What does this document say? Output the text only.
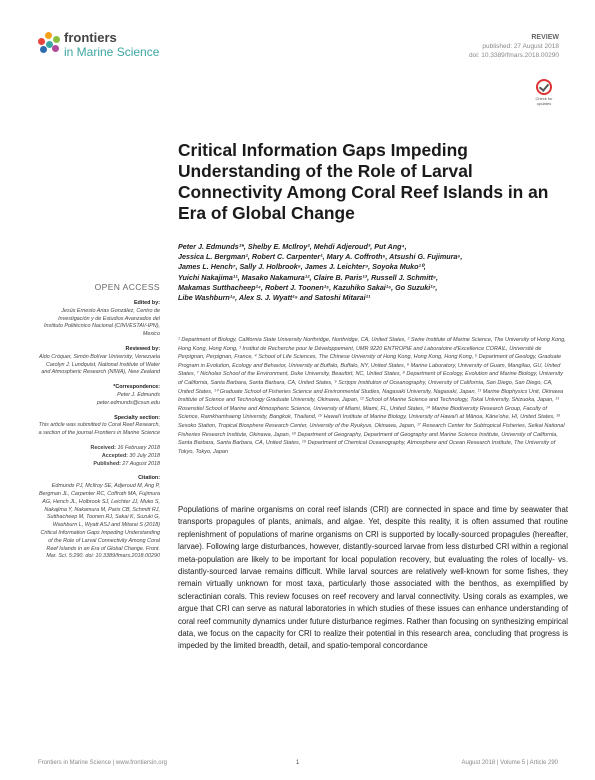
frontiers
in Marine Science
REVIEW
published: 27 August 2018
doi: 10.3389/fmars.2018.00290
Check for updates
Critical Information Gaps Impeding Understanding of the Role of Larval Connectivity Among Coral Reef Islands in an Era of Global Change
Peter J. Edmunds¹*, Shelby E. McIlroy², Mehdi Adjeroud³, Put Ang⁴,
Jessica L. Bergman¹, Robert C. Carpenter¹, Mary A. Coffroth⁵, Atsushi G. Fujimura⁶,
James L. Hench⁷, Sally J. Holbrook⁸, James J. Leichter⁹, Soyoka Muko¹⁰,
Yuichi Nakajima¹¹, Masako Nakamura¹², Claire B. Paris¹³, Russell J. Schmitt⁸,
Makamas Sutthacheep¹⁴, Robert J. Toonen¹⁵, Kazuhiko Sakai¹⁶, Go Suzuki¹⁷,
Libe Washburn¹⁸, Alex S. J. Wyatt¹⁹ and Satoshi Mitarai¹¹
¹ Department of Biology, California State University Northridge, Northridge, CA, United States, ² Swire Institute of Marine Science, The University of Hong Kong, Hong Kong, Hong Kong, ³ Institut de Recherche pour le Développement, UMR 9220 ENTROPIE and Laboratoire d'Excellence CORAIL, Université de Perpignan, Perpignan, France, ⁴ School of Life Sciences, The Chinese University of Hong Kong, Hong Kong, Hong Kong, ⁵ Department of Geology, Graduate Program in Evolution, Ecology and Behavior, University at Buffalo, Buffalo, NY, United States, ⁶ Marine Laboratory, University of Guam, Mangilao, GU, United States, ⁷ Nicholas School of the Environment, Duke University, Beaufort, NC, United States, ⁸ Department of Ecology, Evolution and Marine Biology, University of California, Santa Barbara, Santa Barbara, CA, United States, ⁹ Scripps Institution of Oceanography, University of California, San Diego, San Diego, CA, United States, ¹⁰ Graduate School of Fisheries Science and Environmental Studies, Nagasaki University, Nagasaki, Japan, ¹¹ Marine Biophysics Unit, Okinawa Institute of Science and Technology Graduate University, Okinawa, Japan, ¹² School of Marine Science and Technology, Tokai University, Shizuoka, Japan, ¹³ Rosenstiel School of Marine and Atmospheric Science, University of Miami, Miami, FL, United States, ¹⁴ Marine Biodiversity Research Group, Faculty of Science, Ramkhamhaeng University, Bangkok, Thailand, ¹⁵ Hawai'i Institute of Marine Biology, University of Hawai'i at Mānoa, Kāne'ohe, HI, United States, ¹⁶ Sesoko Station, Tropical Biosphere Research Center, University of the Ryukyus, Okinawa, Japan, ¹⁷ Research Center for Subtropical Fisheries, Seikai National Fisheries Research Institute, Okinawa, Japan, ¹⁸ Department of Geography, Department of Geography and Marine Science Institute, University of California, Santa Barbara, Santa Barbara, CA, United States, ¹⁹ Department of Chemical Oceanography, Atmosphere and Ocean Research Institute, The University of Tokyo, Tokyo, Japan
OPEN ACCESS
Edited by:
Jesús Ernesto Arias González, Centro de Investigación y de Estudios Avanzados del Instituto Politécnico Nacional (CINVESTAV-IPN), Mexico
Reviewed by:
Aldo Cróquer, Simón Bolívar University, Venezuela Carolyn J. Lundquist, National Institute of Water and Atmospheric Research (NIWA), New Zealand
*Correspondence:
Peter J. Edmunds
peter.edmunds@csun.edu
Specialty section:
This article was submitted to Coral Reef Research, a section of the journal Frontiers in Marine Science
Received: 16 February 2018
Accepted: 30 July 2018
Published: 27 August 2018
Citation:
Edmunds PJ, McIlroy SE, Adjeroud M, Ang P, Bergman JL, Carpenter RC, Coffroth MA, Fujimura AG, Hench JL, Holbrook SJ, Leichter JJ, Muko S, Nakajima Y, Nakamura M, Paris CB, Schmitt RJ, Sutthacheep M, Toonen RJ, Sakai K, Suzuki G, Washburn L, Wyatt ASJ and Mitarai S (2018) Critical Information Gaps Impeding Understanding of the Role of Larval Connectivity Among Coral Reef Islands in an Era of Global Change. Front. Mar. Sci. 5:290. doi: 10.3389/fmars.2018.00290

Populations of marine organisms on coral reef islands (CRI) are connected in space and time by seawater that transports propagules of plants, animals, and algae. Yet, despite this reality, it is often assumed that routine replenishment of populations of marine organisms on CRI is supported by locally-sourced propagules (hereafter, larvae). Following large disturbances, however, distantly-sourced larvae from less disturbed CRI within a regional meta-population are likely to be important for local population recovery, but evaluating the roles of locally- vs. distantly-sourced larvae remains difficult. While larval sources are relatively well-known for some fishes, they remain virtually unknown for most taxa, particularly those associated with the benthos, as exemplified by scleractinian corals. This review focuses on reef recovery and larval connectivity. Using corals as examples, we argue that CRI can serve as natural laboratories in which studies of these issues can enhance understanding of coral reef community dynamics under future disturbance regimes. Rather than focusing on synthesizing empirical data, we focus on the capacity for CRI to realize their potential in this research area, concluding that progress is impeded by the limited breadth, detail, and spatio-temporal concordance

Frontiers in Marine Science | www.frontiersin.org	1	August 2018 | Volume 5 | Article 290
